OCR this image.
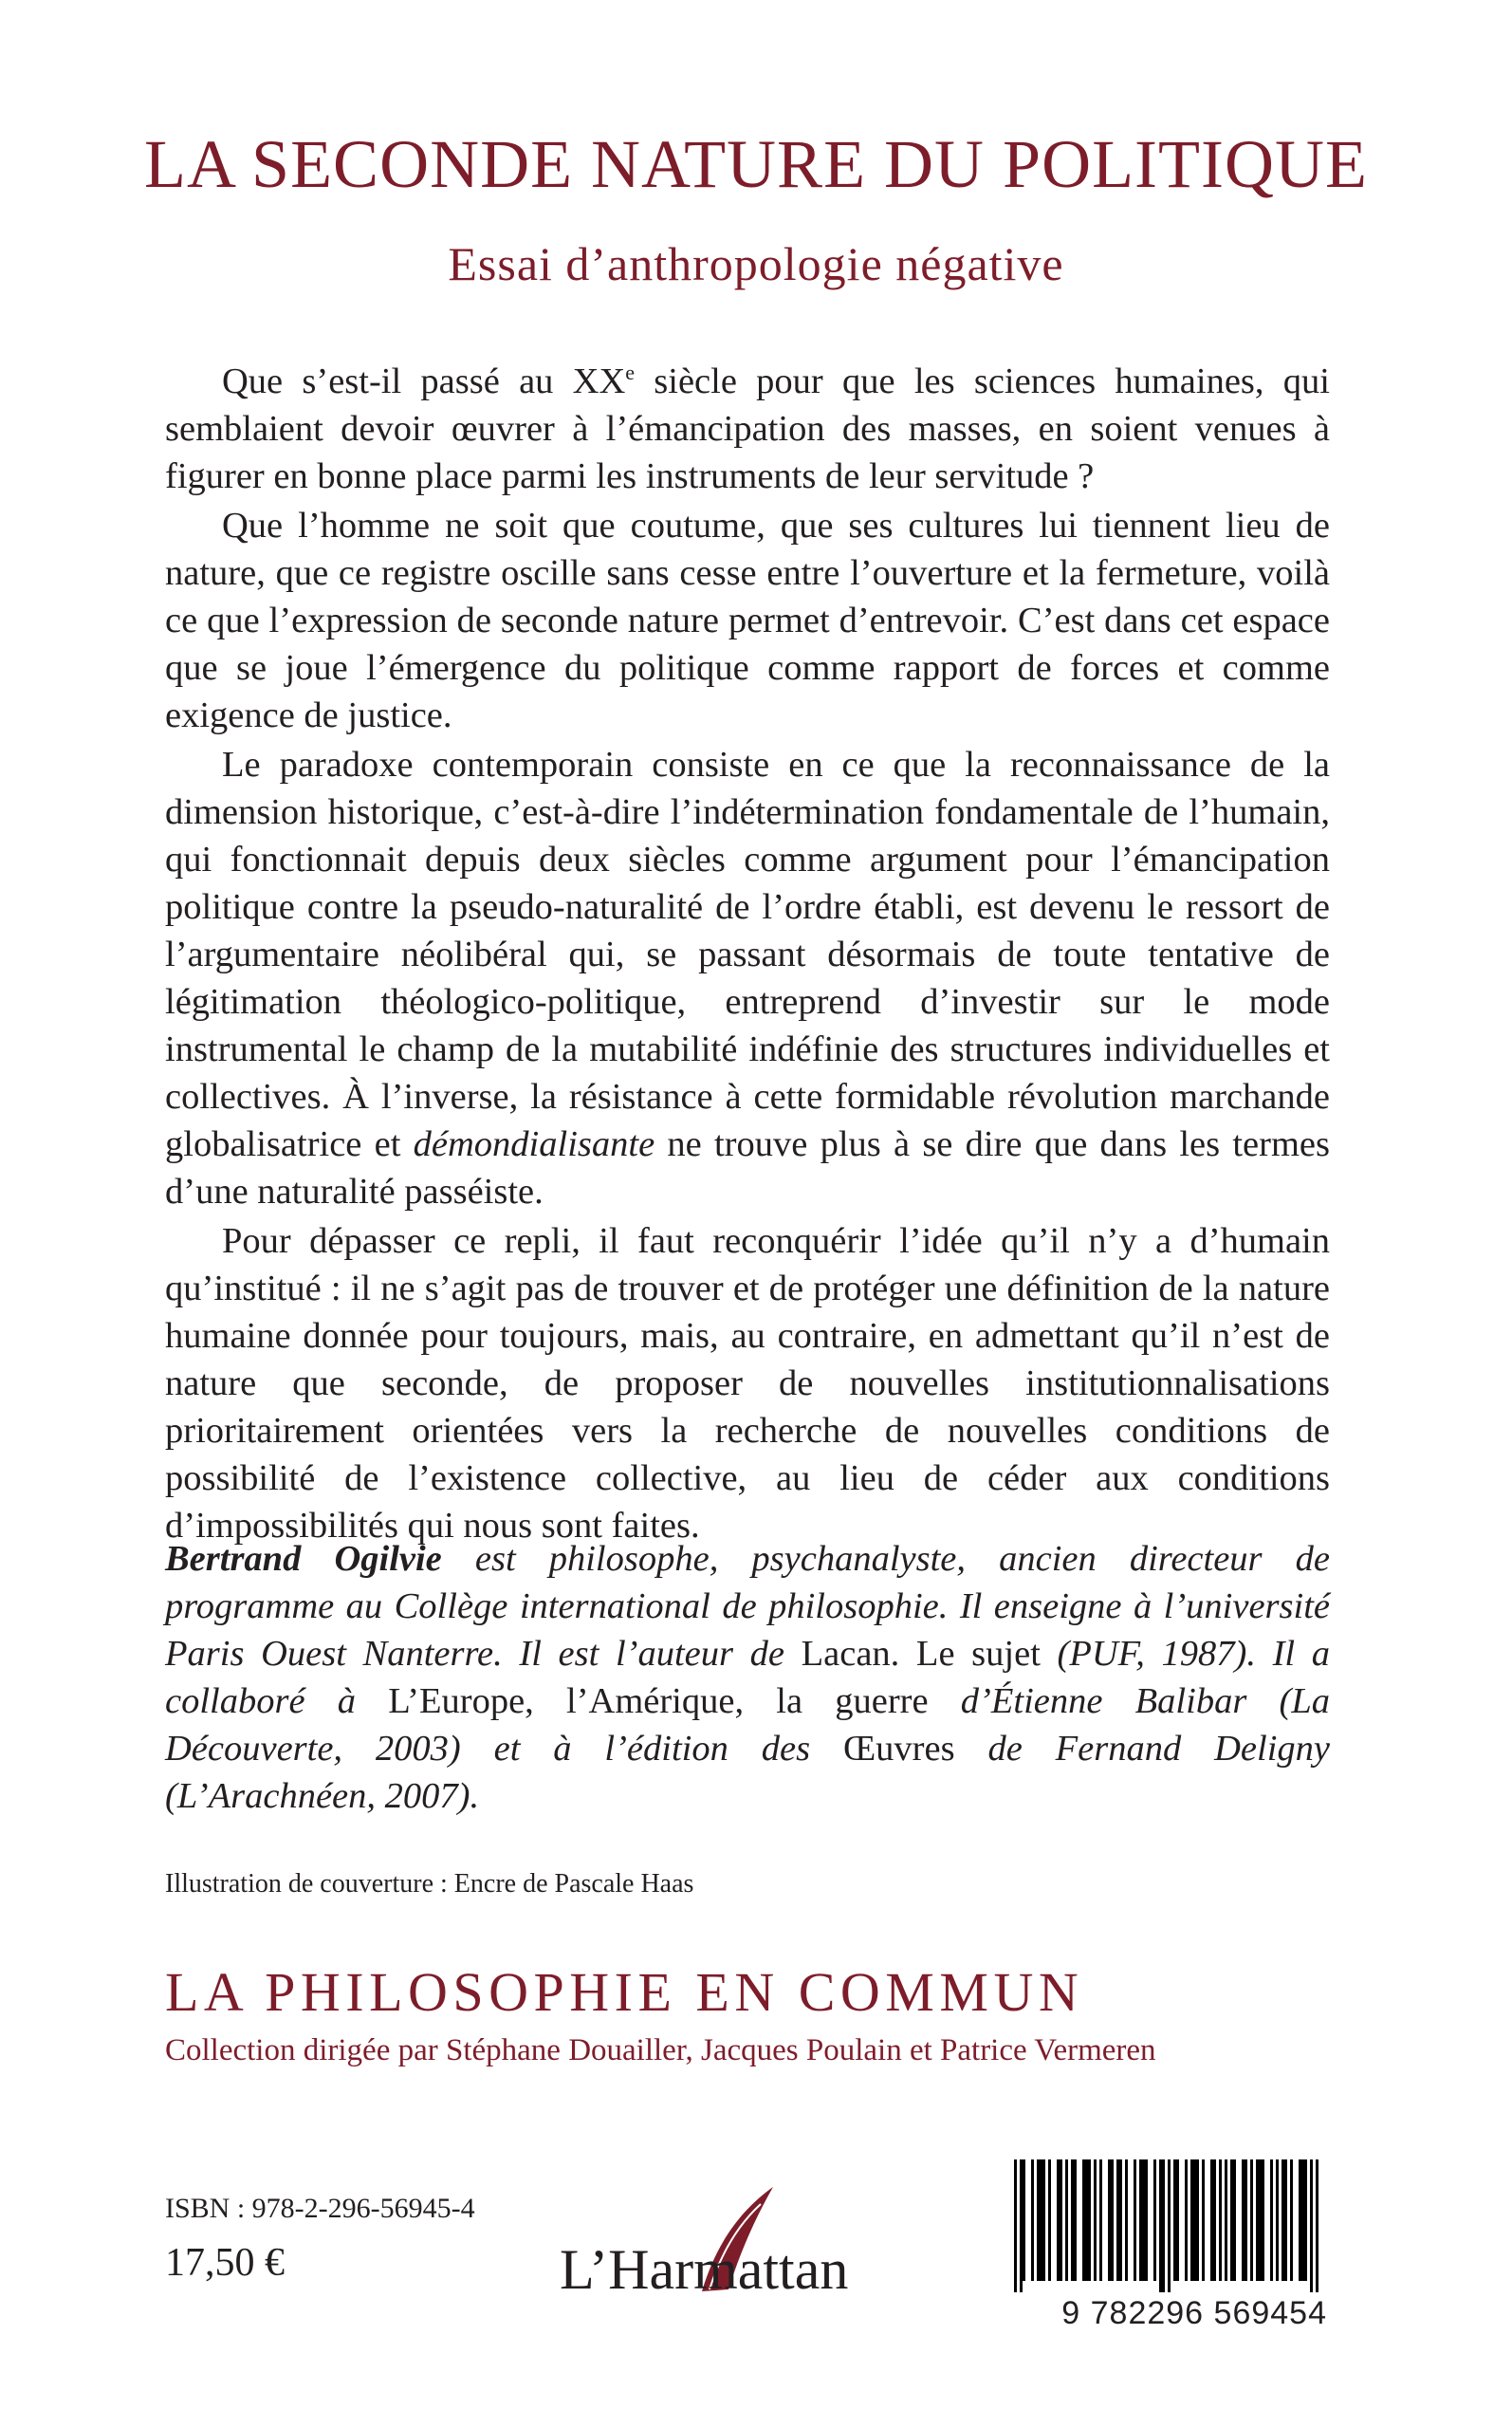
LA SECONDE NATURE DU POLITIQUE
Essai d’anthropologie négative

Que s’est-il passé au XXe siècle pour que les sciences humaines, qui semblaient devoir œuvrer à l’émancipation des masses, en soient venues à figurer en bonne place parmi les instruments de leur servitude ?

Que l’homme ne soit que coutume, que ses cultures lui tiennent lieu de nature, que ce registre oscille sans cesse entre l’ouverture et la fermeture, voilà ce que l’expression de seconde nature permet d’entrevoir. C’est dans cet espace que se joue l’émergence du politique comme rapport de forces et comme exigence de justice.

Le paradoxe contemporain consiste en ce que la reconnaissance de la dimension historique, c’est-à-dire l’indétermination fondamentale de l’humain, qui fonctionnait depuis deux siècles comme argument pour l’émancipation politique contre la pseudo-naturalité de l’ordre établi, est devenu le ressort de l’argumentaire néolibéral qui, se passant désormais de toute tentative de légitimation théologico-politique, entreprend d’investir sur le mode instrumental le champ de la mutabilité indéfinie des structures individuelles et collectives. À l’inverse, la résistance à cette formidable révolution marchande globalisatrice et démondialisante ne trouve plus à se dire que dans les termes d’une naturalité passéiste.

Pour dépasser ce repli, il faut reconquérir l’idée qu’il n’y a d’humain qu’institué : il ne s’agit pas de trouver et de protéger une définition de la nature humaine donnée pour toujours, mais, au contraire, en admettant qu’il n’est de nature que seconde, de proposer de nouvelles institutionnalisations prioritairement orientées vers la recherche de nouvelles conditions de possibilité de l’existence collective, au lieu de céder aux conditions d’impossibilités qui nous sont faites.

Bertrand Ogilvie est philosophe, psychanalyste, ancien directeur de programme au Collège international de philosophie. Il enseigne à l’université Paris Ouest Nanterre. Il est l’auteur de Lacan. Le sujet (PUF, 1987). Il a collaboré à L’Europe, l’Amérique, la guerre d’Étienne Balibar (La Découverte, 2003) et à l’édition des Œuvres de Fernand Deligny (L’Arachnéen, 2007).

Illustration de couverture : Encre de Pascale Haas
LA PHILOSOPHIE EN COMMUN
Collection dirigée par Stéphane Douailler, Jacques Poulain et Patrice Vermeren
ISBN : 978-2-296-56945-4
17,50 €	L’Harmattan
9 782296 569454
